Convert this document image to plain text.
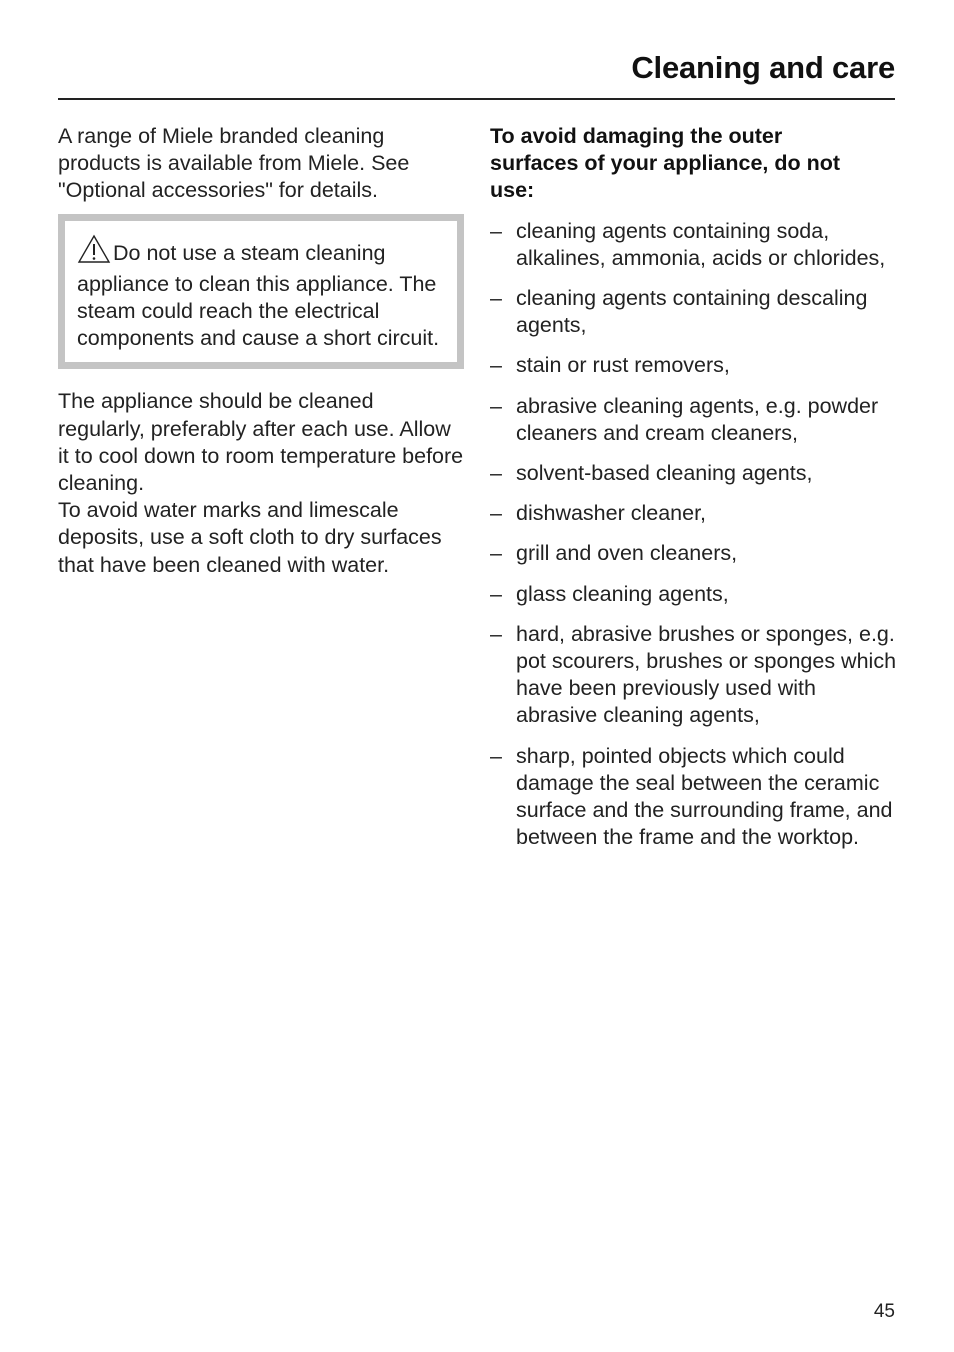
Cleaning and care

A range of Miele branded cleaning products is available from Miele. See "Optional accessories" for details.

Do not use a steam cleaning appliance to clean this appliance. The steam could reach the electrical components and cause a short circuit.

The appliance should be cleaned regularly, preferably after each use. Allow it to cool down to room temperature before cleaning.

To avoid water marks and limescale deposits, use a soft cloth to dry surfaces that have been cleaned with water.

To avoid damaging the outer surfaces of your appliance, do not use:

– cleaning agents containing soda, alkalines, ammonia, acids or chlorides,
– cleaning agents containing descaling agents,
– stain or rust removers,
– abrasive cleaning agents, e.g. powder cleaners and cream cleaners,
– solvent-based cleaning agents,
– dishwasher cleaner,
– grill and oven cleaners,
– glass cleaning agents,
– hard, abrasive brushes or sponges, e.g. pot scourers, brushes or sponges which have been previously used with abrasive cleaning agents,
– sharp, pointed objects which could damage the seal between the ceramic surface and the surrounding frame, and between the frame and the worktop.
45
